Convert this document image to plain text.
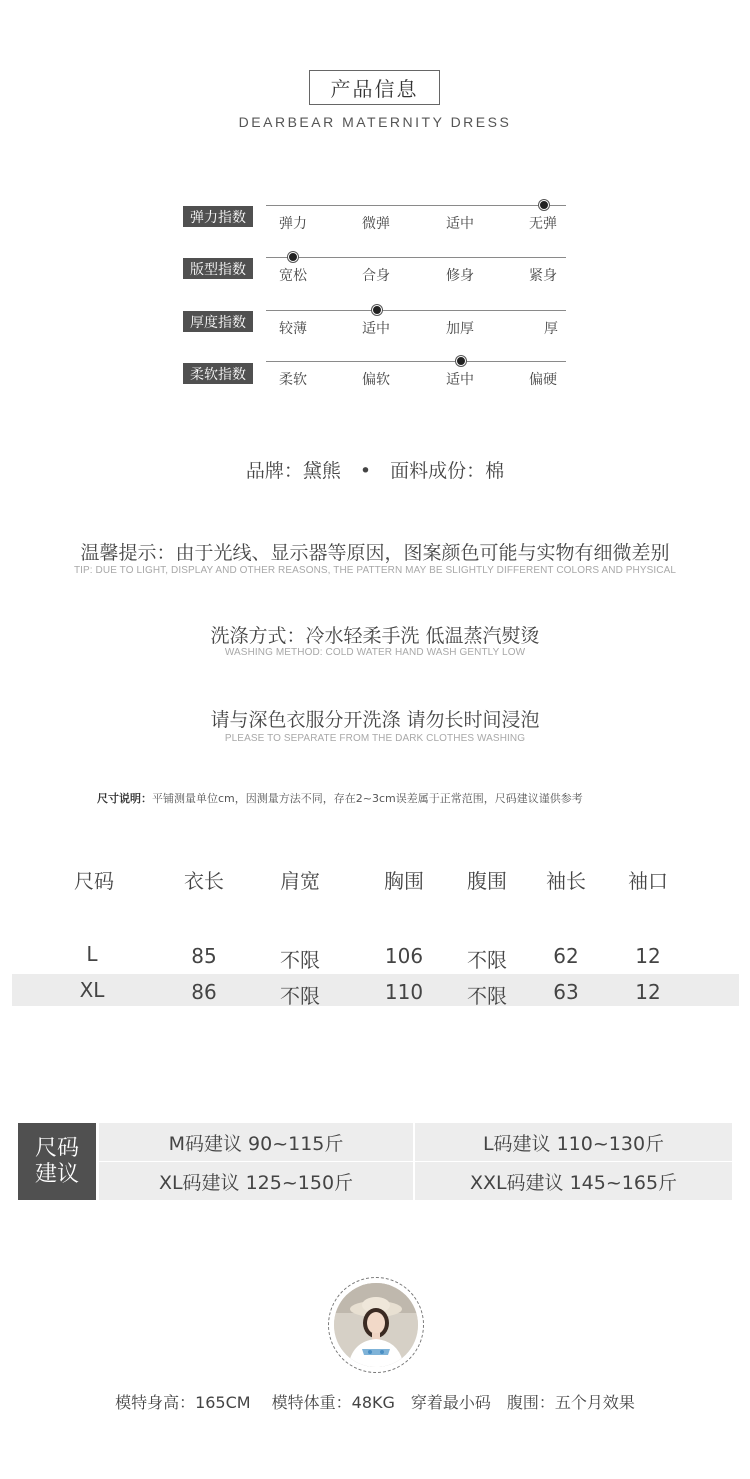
产品信息
DEARBEAR MATERNITY DRESS
弹力指数	弹力	微弹	适中	无弹
版型指数	宽松	合身	修身	紧身
厚度指数	较薄	适中	加厚	厚
柔软指数	柔软	偏软	适中	偏硬
品牌：黛熊　•　面料成份：棉
温馨提示：由于光线、显示器等原因，图案颜色可能与实物有细微差别
TIP: DUE TO LIGHT, DISPLAY AND OTHER REASONS, THE PATTERN MAY BE SLIGHTLY DIFFERENT COLORS AND PHYSICAL
洗涤方式：冷水轻柔手洗 低温蒸汽熨烫
WASHING METHOD: COLD WATER HAND WASH GENTLY LOW
请与深色衣服分开洗涤 请勿长时间浸泡
PLEASE TO SEPARATE FROM THE DARK CLOTHES WASHING
尺寸说明：平铺测量单位cm，因测量方法不同，存在2~3cm误差属于正常范围，尺码建议谨供参考
尺码	衣长	肩宽	胸围	腹围	袖长	袖口
L	85	不限	106	不限	62	12
XL	86	不限	110	不限	63	12
尺码
建议
M码建议 90~115斤	L码建议 110~130斤
XL码建议 125~150斤	XXL码建议 145~165斤
模特身高：165CM　 模特体重：48KG　穿着最小码　腹围：五个月效果
